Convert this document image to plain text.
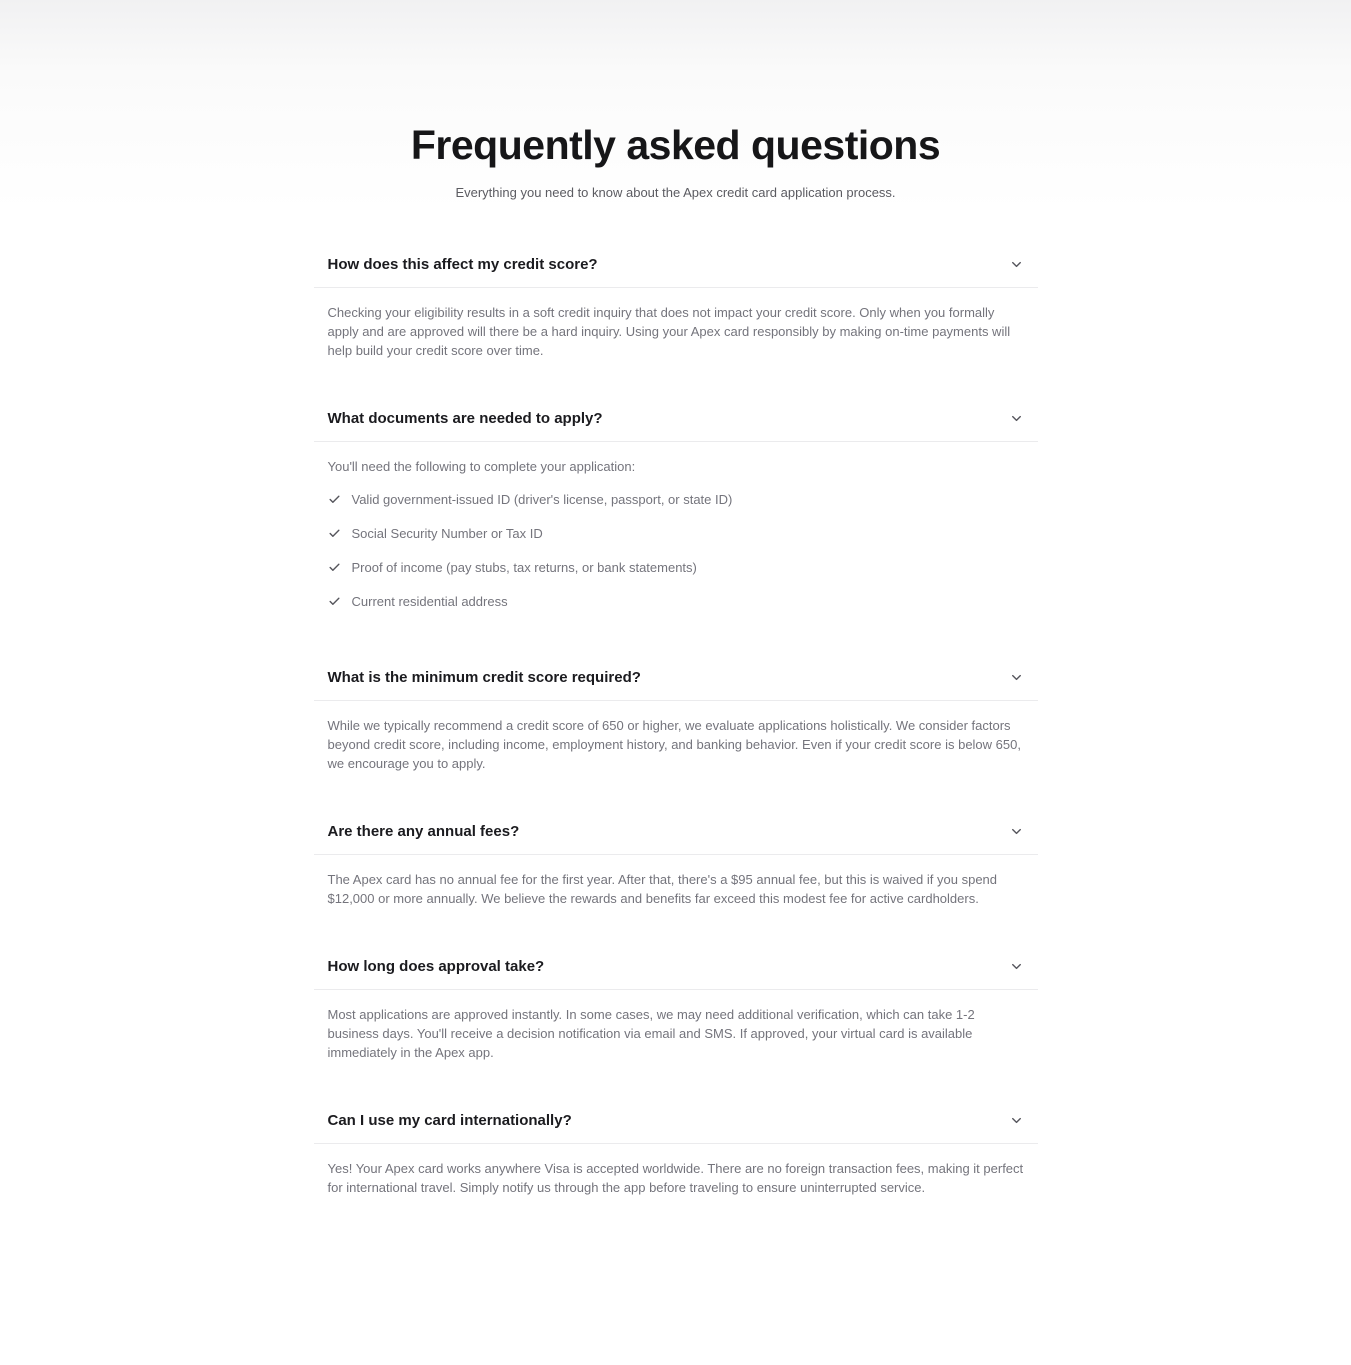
Frequently asked questions

Everything you need to know about the Apex credit card application process.

How does this affect my credit score?

Checking your eligibility results in a soft credit inquiry that does not impact your credit score. Only when you formally apply and are approved will there be a hard inquiry. Using your Apex card responsibly by making on-time payments will help build your credit score over time.

What documents are needed to apply?

You'll need the following to complete your application:

Valid government-issued ID (driver's license, passport, or state ID)
Social Security Number or Tax ID
Proof of income (pay stubs, tax returns, or bank statements)
Current residential address
What is the minimum credit score required?

While we typically recommend a credit score of 650 or higher, we evaluate applications holistically. We consider factors beyond credit score, including income, employment history, and banking behavior. Even if your credit score is below 650, we encourage you to apply.

Are there any annual fees?

The Apex card has no annual fee for the first year. After that, there's a $95 annual fee, but this is waived if you spend $12,000 or more annually. We believe the rewards and benefits far exceed this modest fee for active cardholders.

How long does approval take?

Most applications are approved instantly. In some cases, we may need additional verification, which can take 1-2 business days. You'll receive a decision notification via email and SMS. If approved, your virtual card is available immediately in the Apex app.

Can I use my card internationally?

Yes! Your Apex card works anywhere Visa is accepted worldwide. There are no foreign transaction fees, making it perfect for international travel. Simply notify us through the app before traveling to ensure uninterrupted service.
